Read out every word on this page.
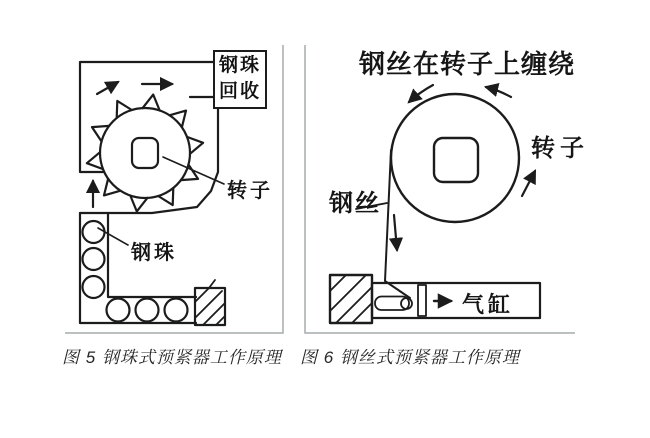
钢珠回收
转子
钢珠
图 5 钢珠式预紧器工作原理
钢丝在转子上缠绕
转子
钢丝
气缸
图 6 钢丝式预紧器工作原理
